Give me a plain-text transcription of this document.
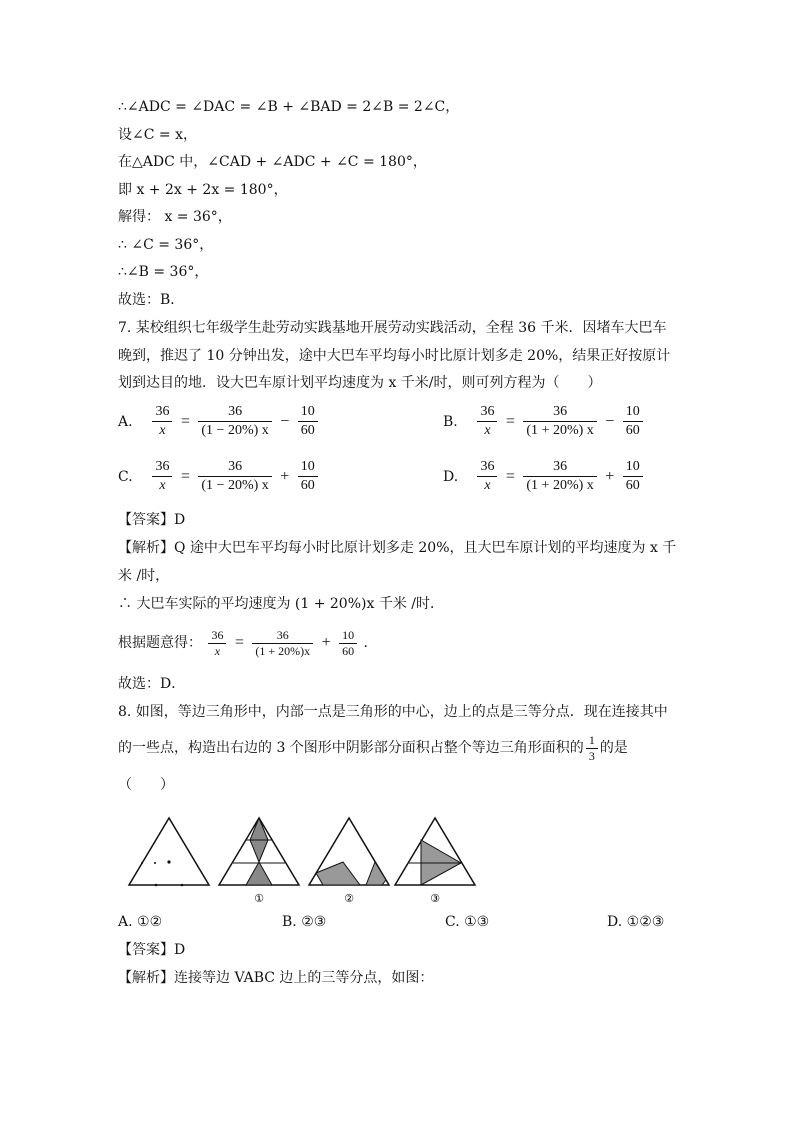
∴∠ADC = ∠DAC = ∠B + ∠BAD = 2∠B = 2∠C，
设∠C = x，
在△ADC 中，∠CAD + ∠ADC + ∠C = 180°，
即 x + 2x + 2x = 180°，
解得： x = 36°，
∴ ∠C = 36°，
∴∠B = 36°，
故选：B．
7. 某校组织七年级学生赴劳动实践基地开展劳动实践活动，全程 36 千米．因堵车大巴车
晚到，推迟了 10 分钟出发，途中大巴车平均每小时比原计划多走 20%，结果正好按原计
划到达目的地．设大巴车原计划平均速度为 x 千米/时，则可列方程为（　　）
A. $\frac{36}{x} = \frac{36}{(1 - 20\%) x} - \frac{10}{60}$	B. $\frac{36}{x} = \frac{36}{(1 + 20\%) x} - \frac{10}{60}$
C. $\frac{36}{x} = \frac{36}{(1 - 20\%) x} + \frac{10}{60}$	D. $\frac{36}{x} = \frac{36}{(1 + 20\%) x} + \frac{10}{60}$
【答案】D
【解析】Q 途中大巴车平均每小时比原计划多走 20%，且大巴车原计划的平均速度为 x 千
米 /时，
∴ 大巴车实际的平均速度为 (1 + 20%)x 千米 /时．
根据题意得： $\frac{36}{x} = \frac{36}{(1 + 20\%)x} + \frac{10}{60}$ .
故选：D．
8. 如图，等边三角形中，内部一点是三角形的中心，边上的点是三等分点．现在连接其中
的一些点，构造出右边的 3 个图形中阴影部分面积占整个等边三角形面积的 $\frac{1}{3}$ 的是
（　　）
①	②	③
A. ①②	B. ②③	C. ①③	D. ①②③
【答案】D
【解析】连接等边 VABC 边上的三等分点，如图：
